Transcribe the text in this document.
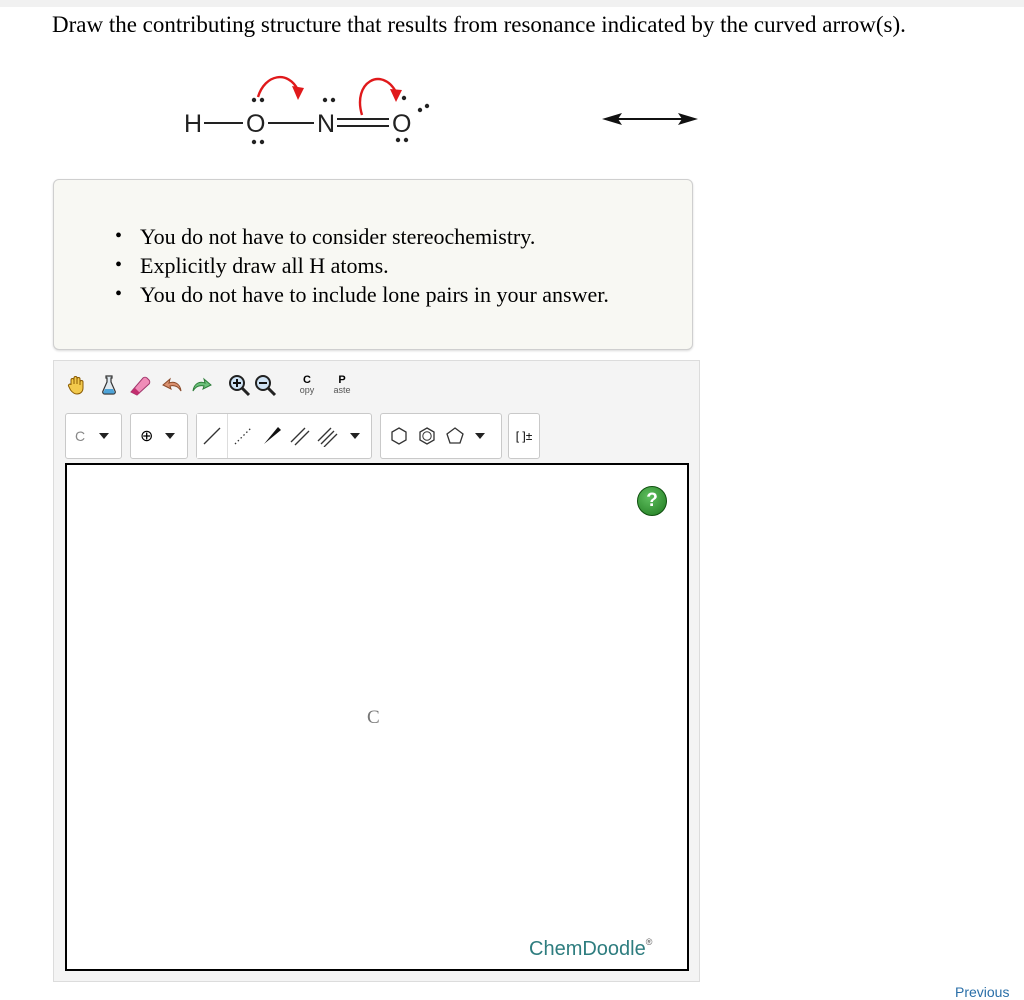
Draw the contributing structure that results from resonance indicated by the curved arrow(s).
H O N O
• You do not have to consider stereochemistry.
• Explicitly draw all H atoms.
• You do not have to include lone pairs in your answer.
C
opy
P
aste
C	⊕	[ ]±
?
C
ChemDoodle®
Previous
